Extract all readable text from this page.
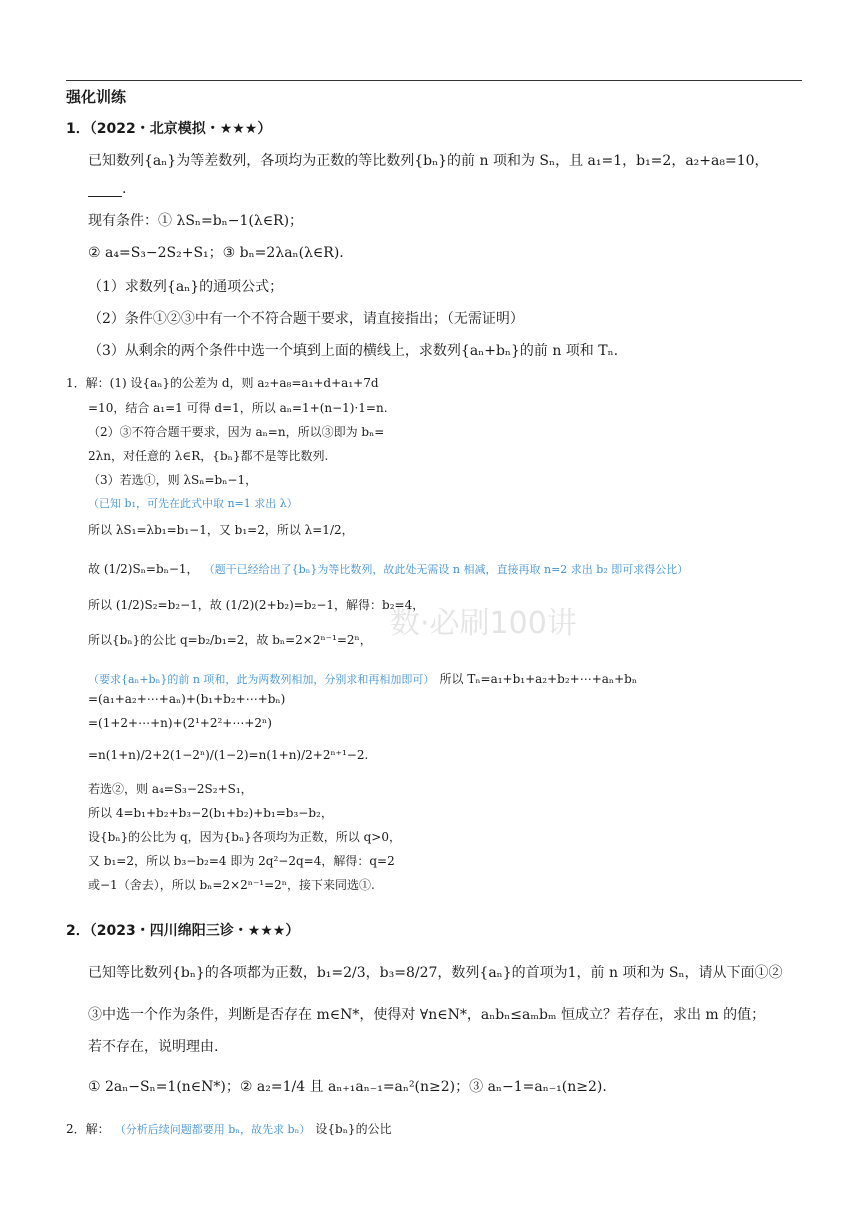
数·必刷100讲
强化训练
1．（2022・北京模拟・★★★）
已知数列{aₙ}为等差数列，各项均为正数的等比数列{bₙ}的前 n 项和为 Sₙ，且 a₁=1，b₁=2，a₂+a₈=10，
.
现有条件：① λSₙ=bₙ−1(λ∈R)；
② a₄=S₃−2S₂+S₁；③ bₙ=2λaₙ(λ∈R).
（1）求数列{aₙ}的通项公式；
（2）条件①②③中有一个不符合题干要求，请直接指出；（无需证明）
（3）从剩余的两个条件中选一个填到上面的横线上，求数列{aₙ+bₙ}的前 n 项和 Tₙ.
1．解：(1) 设{aₙ}的公差为 d，则 a₂+a₈=a₁+d+a₁+7d
=10，结合 a₁=1 可得 d=1，所以 aₙ=1+(n−1)·1=n.
（2）③不符合题干要求，因为 aₙ=n，所以③即为 bₙ=
2λn，对任意的 λ∈R，{bₙ}都不是等比数列.
（3）若选①，则 λSₙ=bₙ−1，
（已知 b₁，可先在此式中取 n=1 求出 λ）
所以 λS₁=λb₁=b₁−1，又 b₁=2，所以 λ=1/2，
故 (1/2)Sₙ=bₙ−1， （题干已经给出了{bₙ}为等比数列，故此处无需设 n 相减，直接再取 n=2 求出 b₂ 即可求得公比）
所以 (1/2)S₂=b₂−1，故 (1/2)(2+b₂)=b₂−1，解得：b₂=4，
所以{bₙ}的公比 q=b₂/b₁=2，故 bₙ=2×2ⁿ⁻¹=2ⁿ，
（要求{aₙ+bₙ}的前 n 项和，此为两数列相加，分别求和再相加即可） 所以 Tₙ=a₁+b₁+a₂+b₂+⋯+aₙ+bₙ
=(a₁+a₂+⋯+aₙ)+(b₁+b₂+⋯+bₙ)
=(1+2+⋯+n)+(2¹+2²+⋯+2ⁿ)
=n(1+n)/2+2(1−2ⁿ)/(1−2)=n(1+n)/2+2ⁿ⁺¹−2.
若选②，则 a₄=S₃−2S₂+S₁，
所以 4=b₁+b₂+b₃−2(b₁+b₂)+b₁=b₃−b₂，
设{bₙ}的公比为 q，因为{bₙ}各项均为正数，所以 q>0，
又 b₁=2，所以 b₃−b₂=4 即为 2q²−2q=4，解得：q=2
或−1（舍去），所以 bₙ=2×2ⁿ⁻¹=2ⁿ，接下来同选①.
2．（2023・四川绵阳三诊・★★★）
已知等比数列{bₙ}的各项都为正数，b₁=2/3，b₃=8/27，数列{aₙ}的首项为1，前 n 项和为 Sₙ，请从下面①②
③中选一个作为条件，判断是否存在 m∈N*，使得对 ∀n∈N*，aₙbₙ≤aₘbₘ 恒成立？若存在，求出 m 的值；
若不存在，说明理由.
① 2aₙ−Sₙ=1(n∈N*)；② a₂=1/4 且 aₙ₊₁aₙ₋₁=aₙ²(n≥2)；③ aₙ−1=aₙ₋₁(n≥2).
2．解： （分析后续问题都要用 bₙ，故先求 bₙ） 设{bₙ}的公比
